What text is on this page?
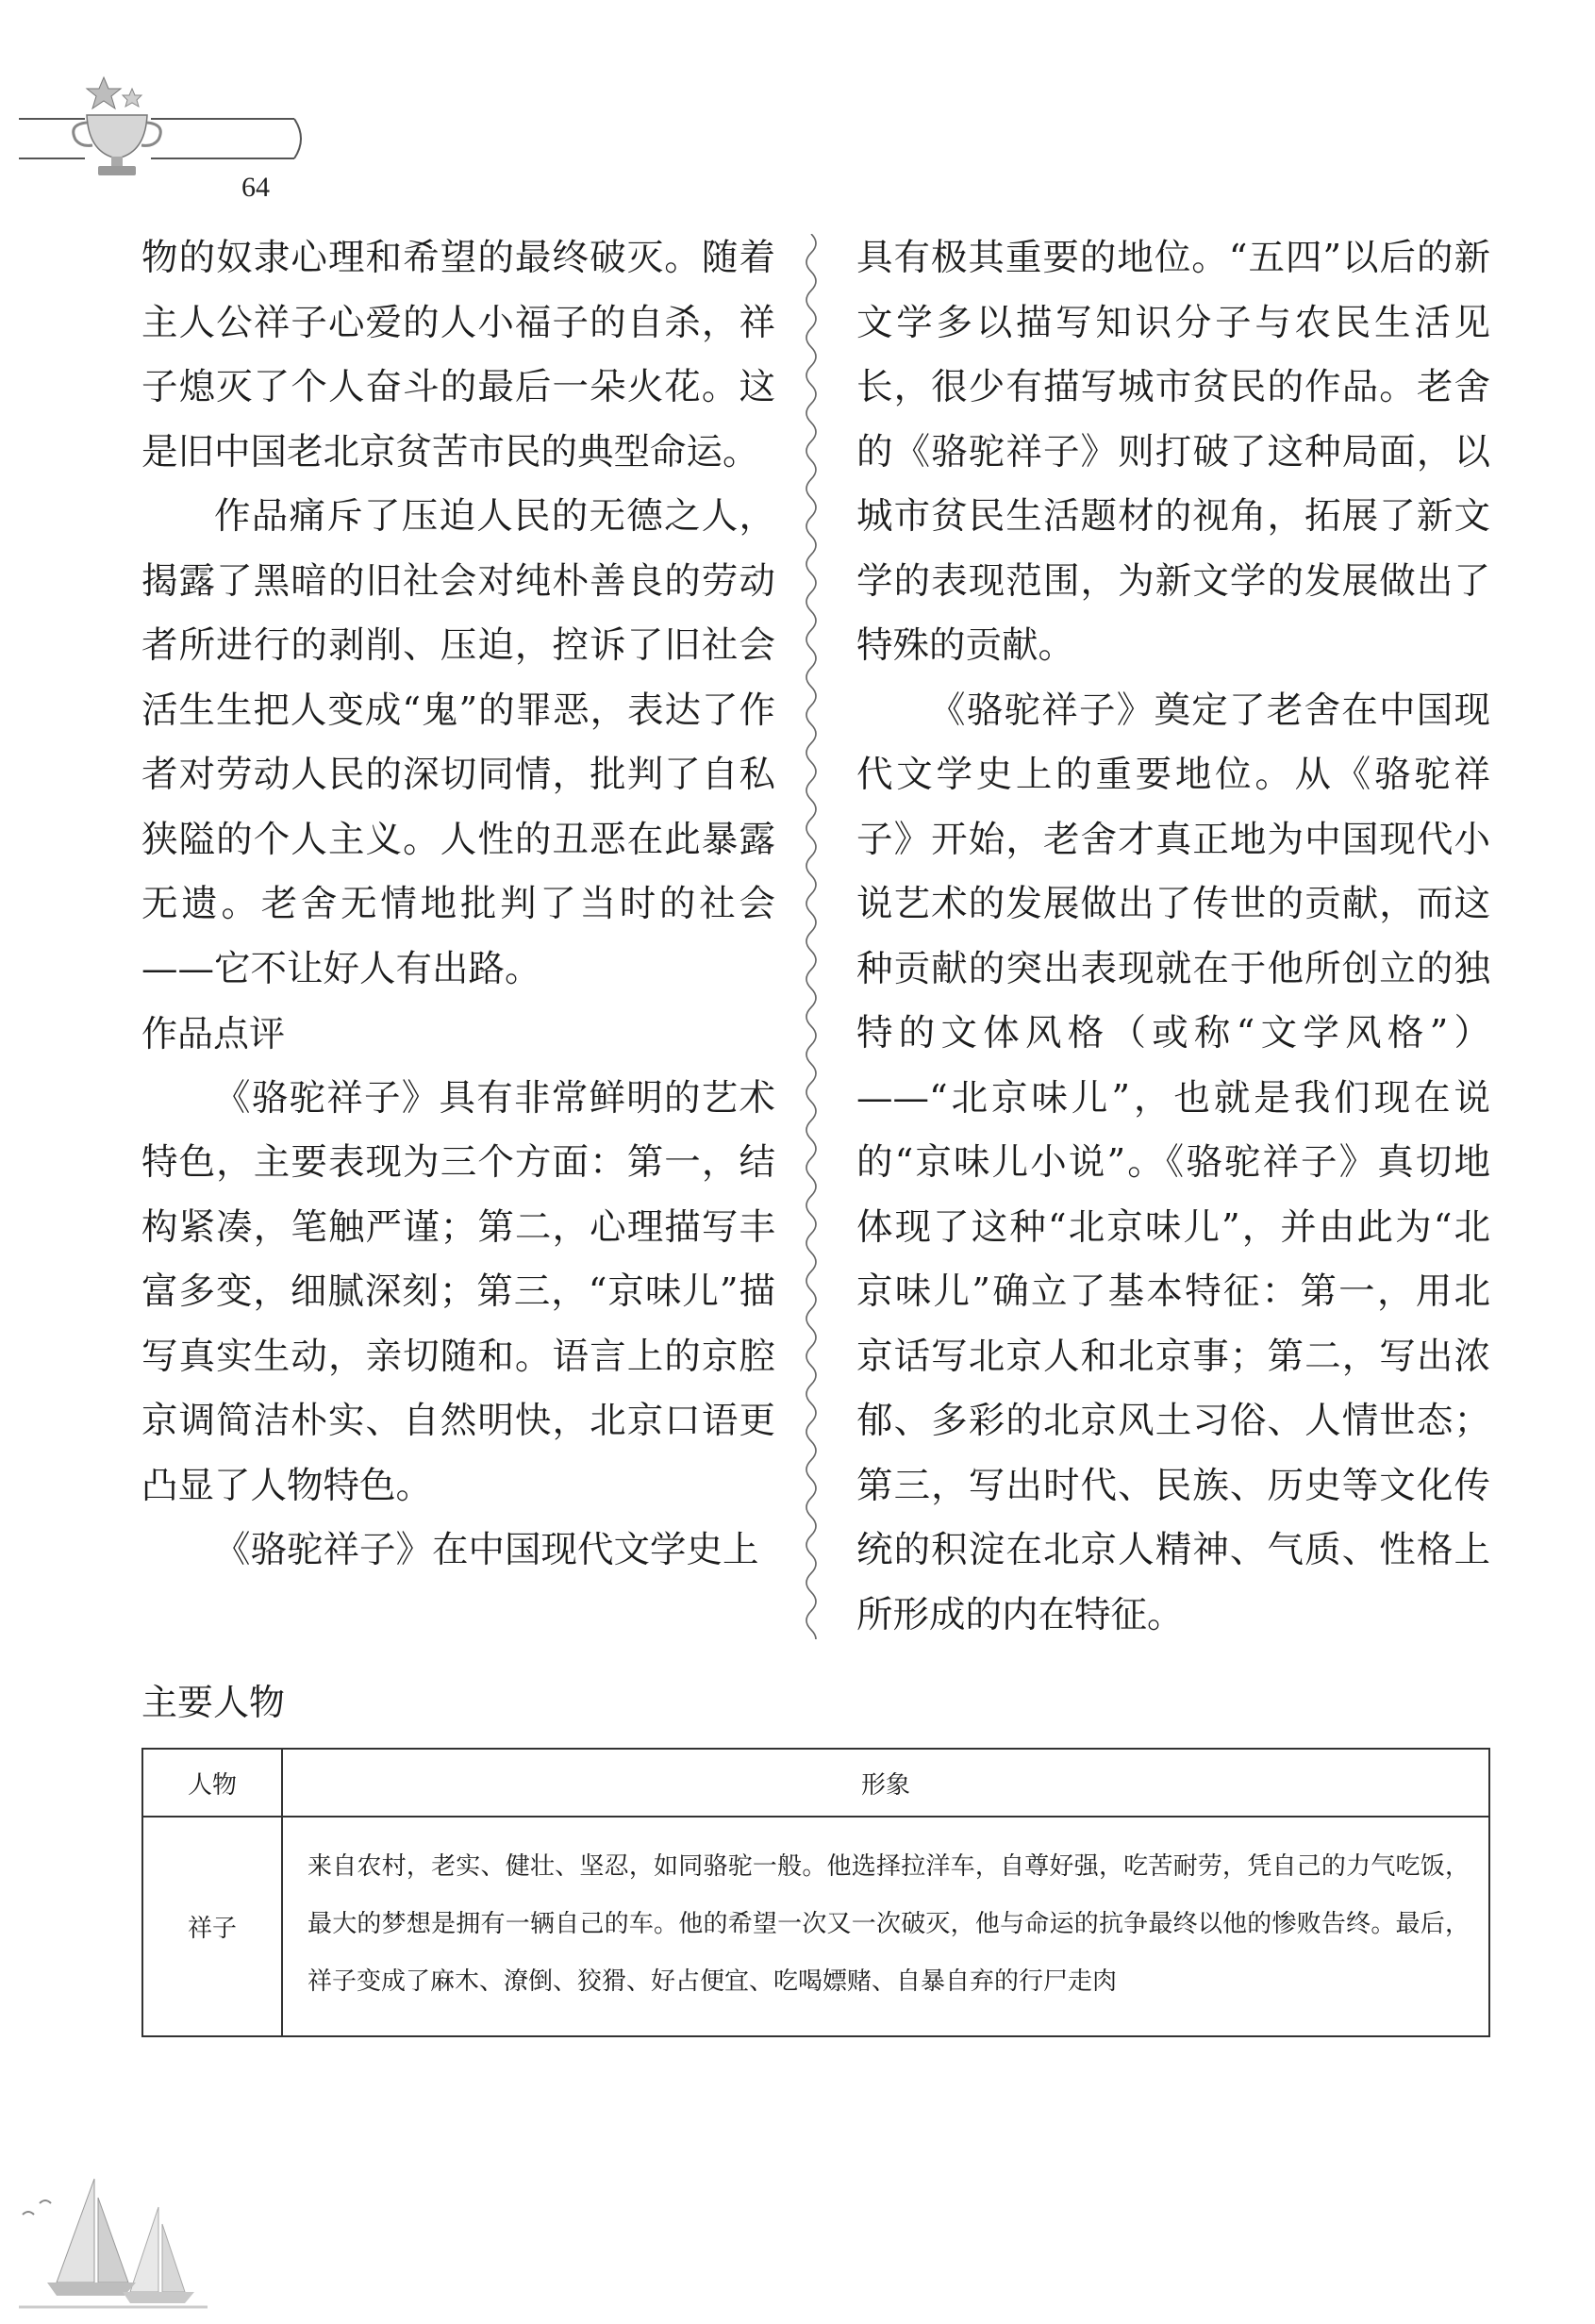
64

物的奴隶心理和希望的最终破灭。随着主人公祥子心爱的人小福子的自杀，祥子熄灭了个人奋斗的最后一朵火花。这是旧中国老北京贫苦市民的典型命运。

作品痛斥了压迫人民的无德之人，揭露了黑暗的旧社会对纯朴善良的劳动者所进行的剥削、压迫，控诉了旧社会活生生把人变成“鬼”的罪恶，表达了作者对劳动人民的深切同情，批判了自私狭隘的个人主义。人性的丑恶在此暴露无遗。老舍无情地批判了当时的社会——它不让好人有出路。

作品点评

《骆驼祥子》具有非常鲜明的艺术特色，主要表现为三个方面：第一，结构紧凑，笔触严谨；第二，心理描写丰富多变，细腻深刻；第三，“京味儿”描写真实生动，亲切随和。语言上的京腔京调简洁朴实、自然明快，北京口语更凸显了人物特色。

《骆驼祥子》在中国现代文学史上

具有极其重要的地位。“五四”以后的新文学多以描写知识分子与农民生活见长，很少有描写城市贫民的作品。老舍的《骆驼祥子》则打破了这种局面，以城市贫民生活题材的视角，拓展了新文学的表现范围，为新文学的发展做出了特殊的贡献。

《骆驼祥子》奠定了老舍在中国现代文学史上的重要地位。从《骆驼祥子》开始，老舍才真正地为中国现代小说艺术的发展做出了传世的贡献，而这种贡献的突出表现就在于他所创立的独特的文体风格（或称“文学风格”）——“北京味儿”，也就是我们现在说的“京味儿小说”。《骆驼祥子》真切地体现了这种“北京味儿”，并由此为“北京味儿”确立了基本特征：第一，用北京话写北京人和北京事；第二，写出浓郁、多彩的北京风土习俗、人情世态；第三，写出时代、民族、历史等文化传统的积淀在北京人精神、气质、性格上所形成的内在特征。

主要人物
人物	形象
祥子	来自农村，老实、健壮、坚忍，如同骆驼一般。他选择拉洋车，自尊好强，吃苦耐劳，凭自己的力气吃饭，最大的梦想是拥有一辆自己的车。他的希望一次又一次破灭，他与命运的抗争最终以他的惨败告终。最后，祥子变成了麻木、潦倒、狡猾、好占便宜、吃喝嫖赌、自暴自弃的行尸走肉
